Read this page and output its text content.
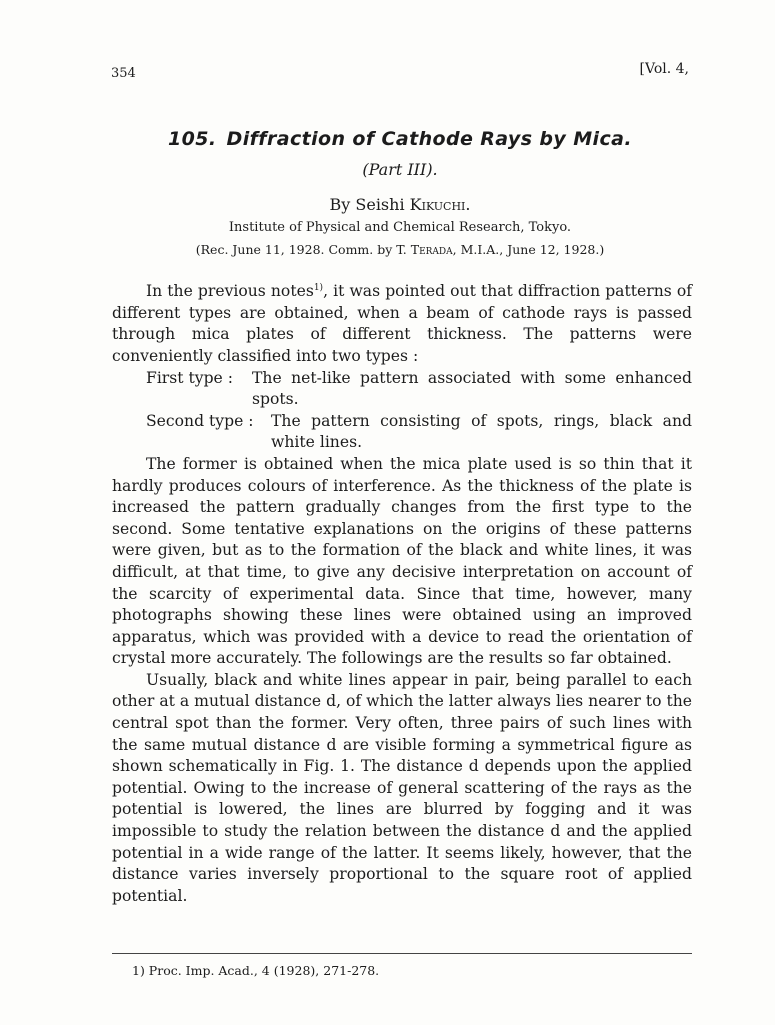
354	[Vol. 4,
105. Diffraction of Cathode Rays by Mica.
(Part III).
By Seishi Kikuchi.
Institute of Physical and Chemical Research, Tokyo.
(Rec. June 11, 1928. Comm. by T. Terada, M.I.A., June 12, 1928.)

In the previous notes$^{1)}$, it was pointed out that diffraction patterns of different types are obtained, when a beam of cathode rays is passed through mica plates of different thickness. The patterns were conveniently classified into two types :

First type :	The net-like pattern associated with some enhanced spots.
Second type :	The pattern consisting of spots, rings, black and white lines.

The former is obtained when the mica plate used is so thin that it hardly produces colours of interference. As the thickness of the plate is increased the pattern gradually changes from the first type to the second. Some tentative explanations on the origins of these patterns were given, but as to the formation of the black and white lines, it was difficult, at that time, to give any decisive interpretation on account of the scarcity of experimental data. Since that time, however, many photographs showing these lines were obtained using an improved apparatus, which was provided with a device to read the orientation of crystal more accurately. The followings are the results so far obtained.

Usually, black and white lines appear in pair, being parallel to each other at a mutual distance d, of which the latter always lies nearer to the central spot than the former. Very often, three pairs of such lines with the same mutual distance d are visible forming a symmetrical figure as shown schematically in Fig. 1. The distance d depends upon the applied potential. Owing to the increase of general scattering of the rays as the potential is lowered, the lines are blurred by fogging and it was impossible to study the relation between the distance d and the applied potential in a wide range of the latter. It seems likely, however, that the distance varies inversely proportional to the square root of applied potential.

1) Proc. Imp. Acad., 4 (1928), 271-278.
